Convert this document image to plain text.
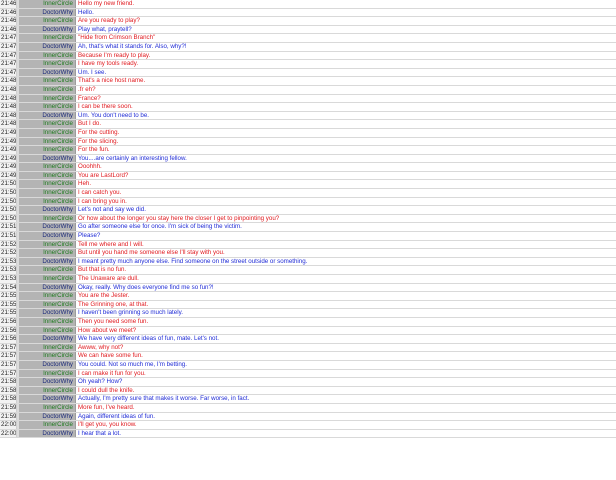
21:46	InnerCircle Hello my new friend.
21:46	DoctorWhy Hello.
21:46	InnerCircle Are you ready to play?
21:46	DoctorWhy Play what, praytell?
21:47	InnerCircle "Hide from Crimson Branch"
21:47	DoctorWhy Ah, that's what it stands for. Also, why?!
21:47	InnerCircle Because I'm ready to play.
21:47	InnerCircle I have my tools ready.
21:47	DoctorWhy Um. I see.
21:48	InnerCircle That's a nice host name.
21:48	InnerCircle .fr eh?
21:48	InnerCircle France?
21:48	InnerCircle I can be there soon.
21:48	DoctorWhy Um. You don't need to be.
21:48	InnerCircle But I do.
21:49	InnerCircle For the cutting.
21:49	InnerCircle For the slicing.
21:49	InnerCircle For the fun.
21:49	DoctorWhy You....are certainly an interesting fellow.
21:49	InnerCircle Ooohhh.
21:49	InnerCircle You are LastLord?
21:50	InnerCircle Heh.
21:50	InnerCircle I can catch you.
21:50	InnerCircle I can bring you in.
21:50	DoctorWhy Let's not and say we did.
21:50	InnerCircle Or how about the longer you stay here the closer I get to pinpointing you?
21:51	DoctorWhy Go after someone else for once. I'm sick of being the victim.
21:51	DoctorWhy Please?
21:52	InnerCircle Tell me where and I will.
21:52	InnerCircle But until you hand me someone else I'll stay with you.
21:53	DoctorWhy I meant pretty much anyone else. Find someone on the street outside or something.
21:53	InnerCircle But that is no fun.
21:53	InnerCircle The Unaware are dull.
21:54	DoctorWhy Okay, really. Why does everyone find me so fun?!
21:55	InnerCircle You are the Jester.
21:55	InnerCircle The Grinning one, at that.
21:55	DoctorWhy I haven't been grinning so much lately.
21:56	InnerCircle Then you need some fun.
21:56	InnerCircle How about we meet?
21:56	DoctorWhy We have very different ideas of fun, mate. Let's not.
21:57	InnerCircle Awww, why not?
21:57	InnerCircle We can have some fun.
21:57	DoctorWhy You could. Not so much me, I'm betting.
21:57	InnerCircle I can make it fun for you.
21:58	DoctorWhy Oh yeah? How?
21:58	InnerCircle I could dull the knife.
21:58	DoctorWhy Actually, I'm pretty sure that makes it worse. Far worse, in fact.
21:59	InnerCircle More fun, I've heard.
21:59	DoctorWhy Again, different ideas of fun.
22:00	InnerCircle I'll get you, you know.
22:00	DoctorWhy I hear that a lot.
